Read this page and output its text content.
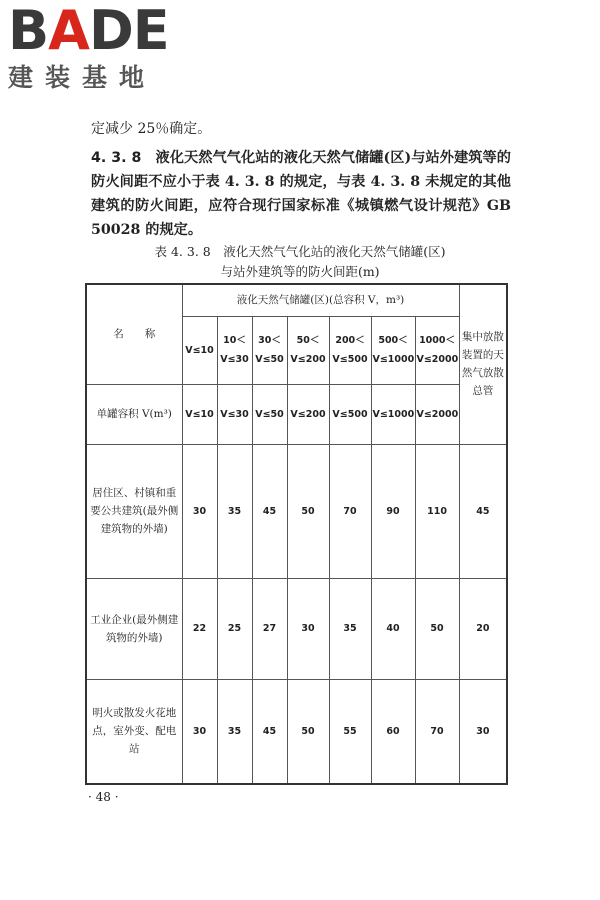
BADE
建装基地
定减少 25％确定。
4. 3. 8 液化天然气气化站的液化天然气储罐(区)与站外建筑等的防火间距不应小于表 4. 3. 8 的规定，与表 4. 3. 8 未规定的其他建筑的防火间距，应符合现行国家标准《城镇燃气设计规范》GB 50028 的规定。
表 4. 3. 8　液化天然气气化站的液化天然气储罐(区)
与站外建筑等的防火间距(m)
名　　称	液化天然气储罐(区)(总容积 V，m³)							集中放散装置的天然气放散总管
	V≤10	10＜V≤30	30＜V≤50	50＜V≤200	200＜V≤500	500＜V≤1000	1000＜V≤2000	
单罐容积 V(m³)	V≤10	V≤30	V≤50	V≤200	V≤500	V≤1000	V≤2000	
居住区、村镇和重要公共建筑(最外侧建筑物的外墙)	30	35	45	50	70	90	110	45
工业企业(最外侧建筑物的外墙)	22	25	27	30	35	40	50	20
明火或散发火花地点，室外变、配电站	30	35	45	50	55	60	70	30
· 48 ·
